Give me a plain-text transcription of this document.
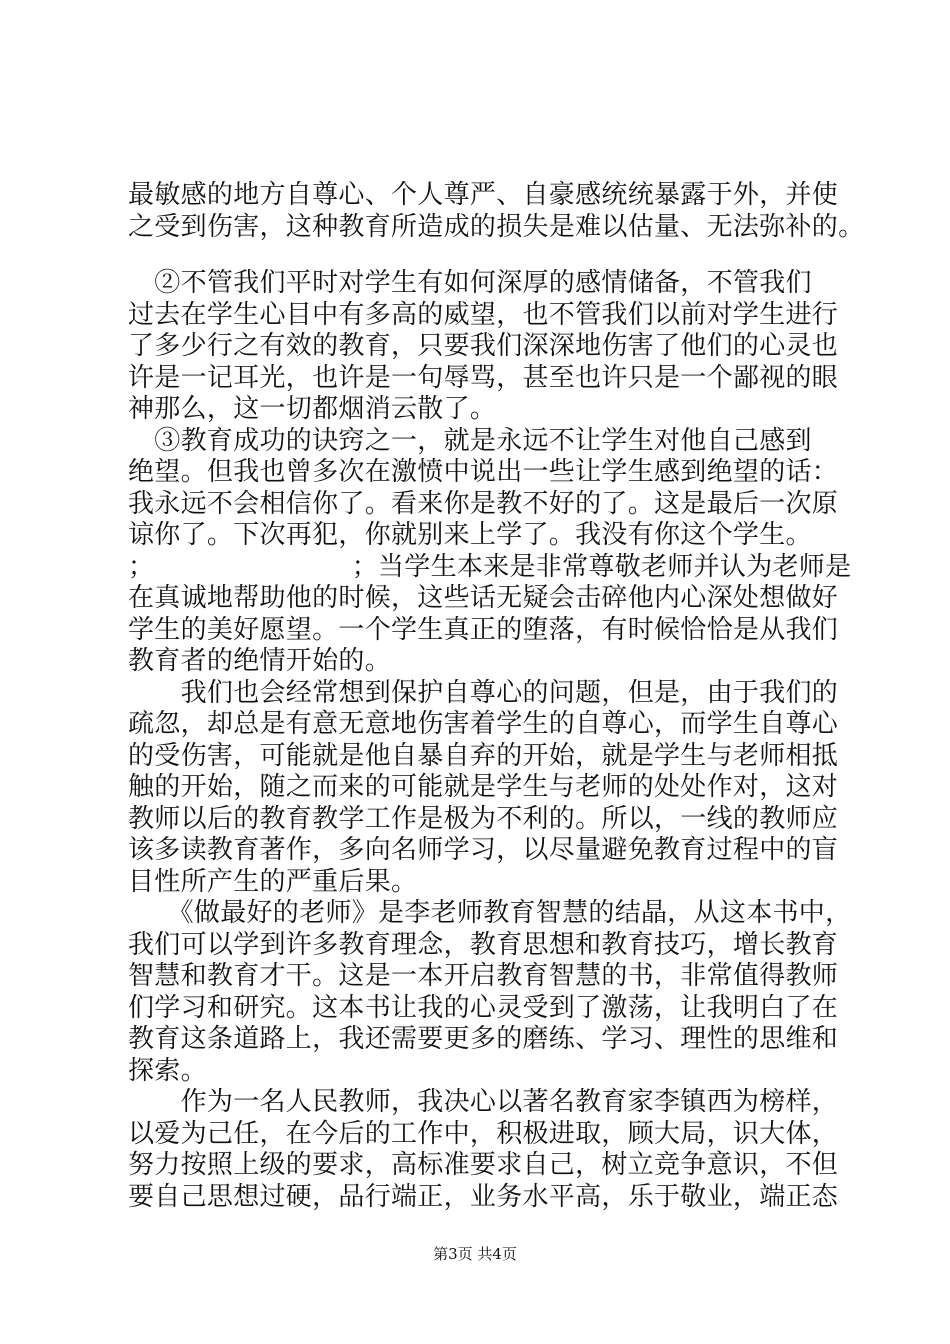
最敏感的地方自尊心、个人尊严、自豪感统统暴露于外，并使
之受到伤害，这种教育所造成的损失是难以估量、无法弥补的。
　②不管我们平时对学生有如何深厚的感情储备，不管我们
过去在学生心目中有多高的威望，也不管我们以前对学生进行
了多少行之有效的教育，只要我们深深地伤害了他们的心灵也
许是一记耳光，也许是一句辱骂，甚至也许只是一个鄙视的眼
神那么，这一切都烟消云散了。
　③教育成功的诀窍之一，就是永远不让学生对他自己感到
绝望。但我也曾多次在激愤中说出一些让学生感到绝望的话：
我永远不会相信你了。看来你是教不好的了。这是最后一次原
谅你了。下次再犯，你就别来上学了。我没有你这个学生。
；　　　　　　　　；当学生本来是非常尊敬老师并认为老师是
在真诚地帮助他的时候，这些话无疑会击碎他内心深处想做好
学生的美好愿望。一个学生真正的堕落，有时候恰恰是从我们
教育者的绝情开始的。
　　我们也会经常想到保护自尊心的问题，但是，由于我们的
疏忽，却总是有意无意地伤害着学生的自尊心，而学生自尊心
的受伤害，可能就是他自暴自弃的开始，就是学生与老师相抵
触的开始，随之而来的可能就是学生与老师的处处作对，这对
教师以后的教育教学工作是极为不利的。所以，一线的教师应
该多读教育著作，多向名师学习，以尽量避免教育过程中的盲
目性所产生的严重后果。
　　《做最好的老师》是李老师教育智慧的结晶，从这本书中，
我们可以学到许多教育理念，教育思想和教育技巧，增长教育
智慧和教育才干。这是一本开启教育智慧的书，非常值得教师
们学习和研究。这本书让我的心灵受到了激荡，让我明白了在
教育这条道路上，我还需要更多的磨练、学习、理性的思维和
探索。
　　作为一名人民教师，我决心以著名教育家李镇西为榜样，
以爱为己任，在今后的工作中，积极进取，顾大局，识大体，
努力按照上级的要求，高标准要求自己，树立竞争意识，不但
要自己思想过硬，品行端正，业务水平高，乐于敬业，端正态
第3页 共4页
